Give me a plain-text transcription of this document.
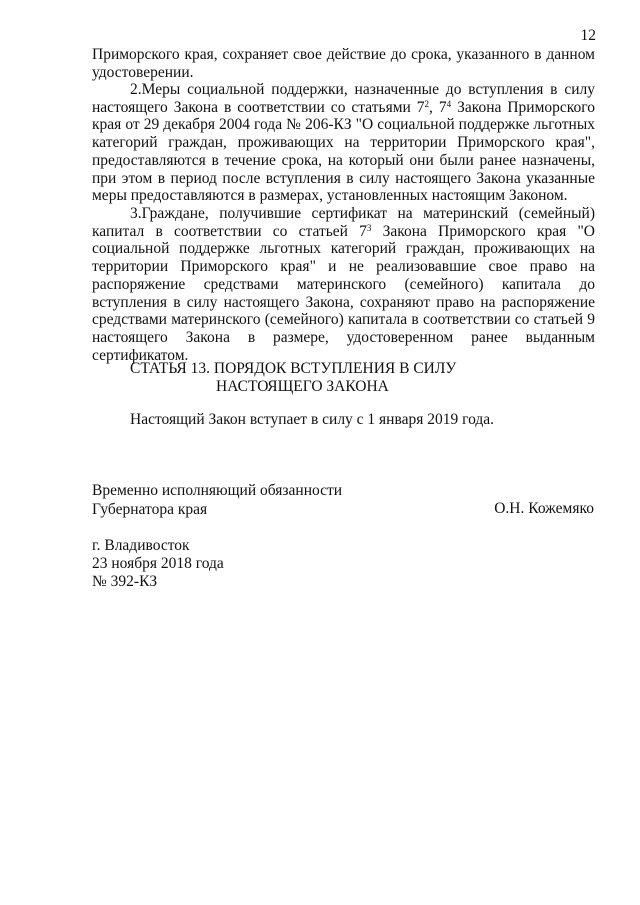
12

Приморского края, сохраняет свое действие до срока, указанного в данном
удостоверении.

2.Меры социальной поддержки, назначенные до вступления в силу настоящего Закона в соответствии со статьями $7^2$, $7^4$ Закона Приморского края от 29 декабря 2004 года № 206-КЗ "О социальной поддержке льготных категорий граждан, проживающих на территории Приморского края", предоставляются в течение срока, на который они были ранее назначены, при этом в период после вступления в силу настоящего Закона указанные меры предоставляются в размерах, установленных настоящим Законом.

3.Граждане, получившие сертификат на материнский (семейный) капитал в соответствии со статьей $7^3$ Закона Приморского края "О социальной поддержке льготных категорий граждан, проживающих на территории Приморского края" и не реализовавшие свое право на распоряжение средствами материнского (семейного) капитала до вступления в силу настоящего Закона, сохраняют право на распоряжение средствами материнского (семейного) капитала в соответствии со статьей 9 настоящего Закона в размере, удостоверенном ранее выданным сертификатом.

СТАТЬЯ 13. ПОРЯДОК ВСТУПЛЕНИЯ В СИЛУ
НАСТОЯЩЕГО ЗАКОНА

Настоящий Закон вступает в силу с 1 января 2019 года.

Временно исполняющий обязанности
Губернатора края	О.Н. Кожемяко
г. Владивосток
23 ноября 2018 года
№ 392-КЗ
